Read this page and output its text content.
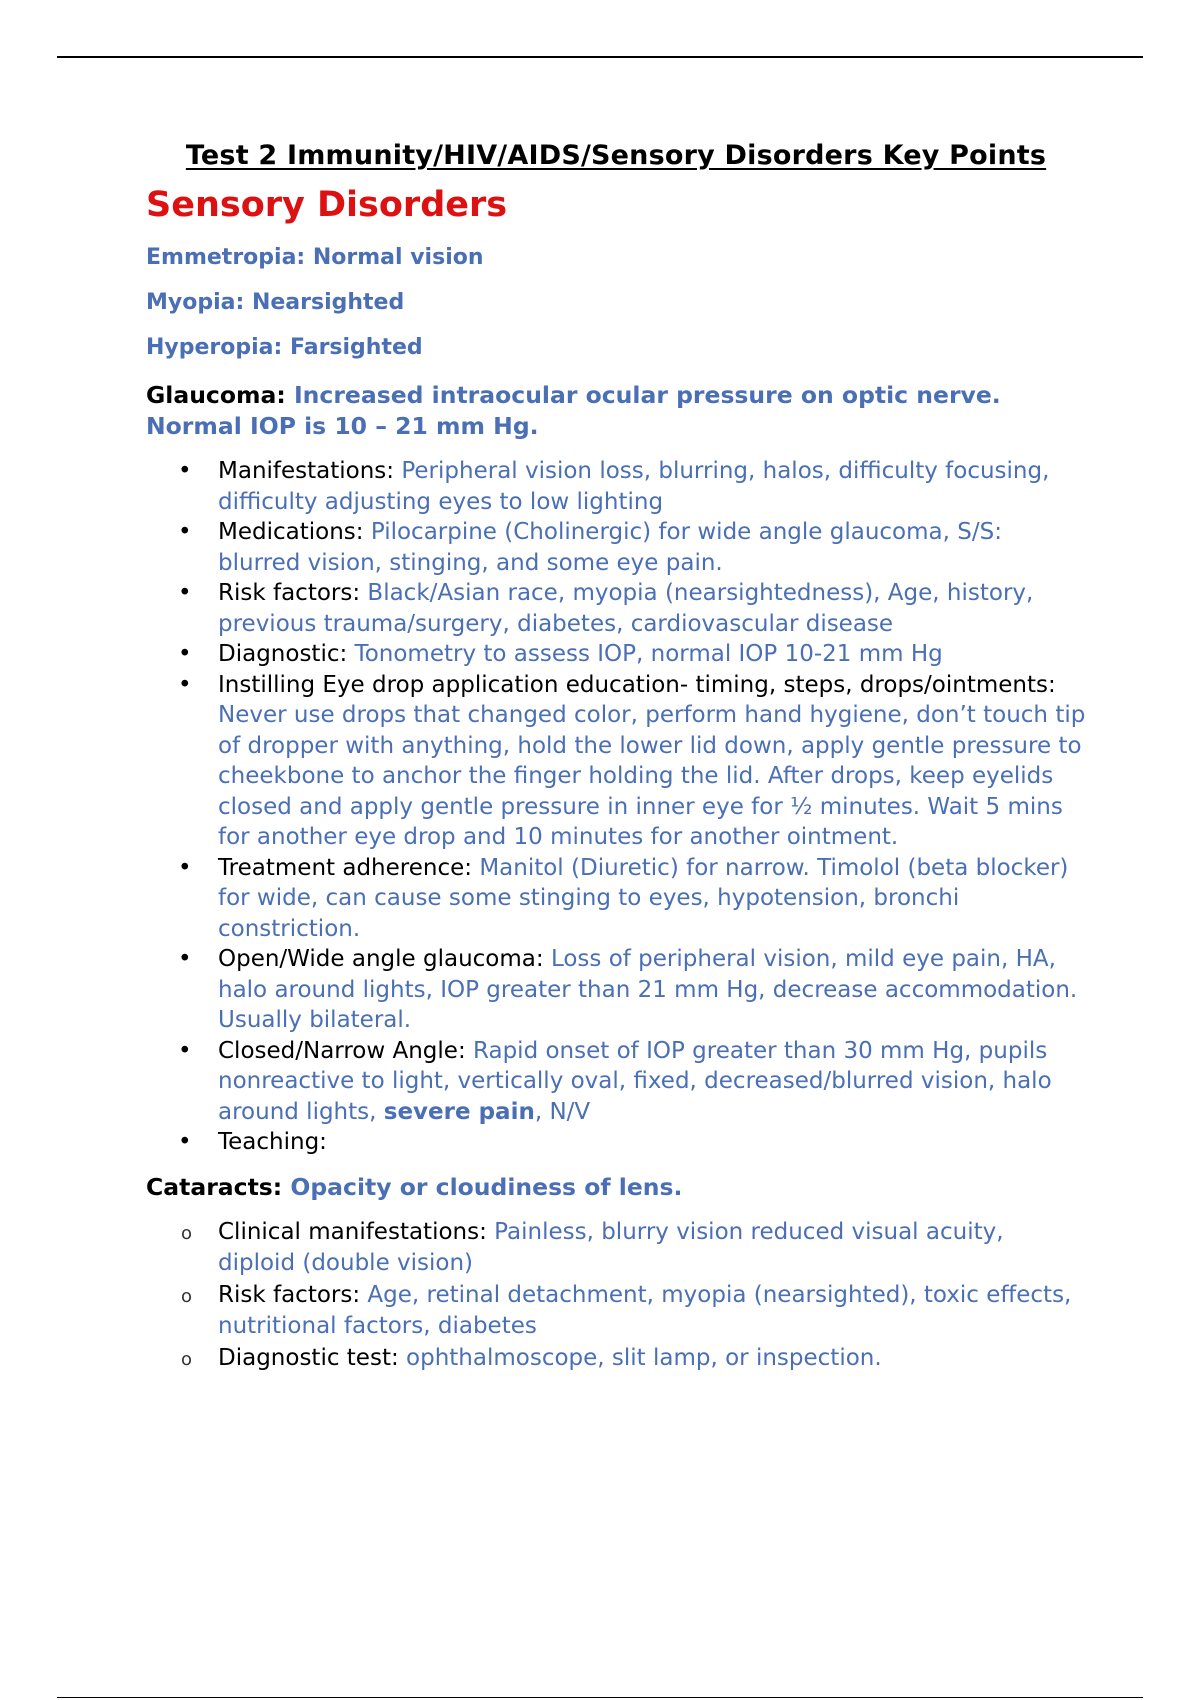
Test 2 Immunity/HIV/AIDS/Sensory Disorders Key Points
Sensory Disorders
Emmetropia: Normal vision
Myopia: Nearsighted
Hyperopia: Farsighted
Glaucoma: Increased intraocular ocular pressure on optic nerve. Normal IOP is 10 – 21 mm Hg.
• Manifestations: Peripheral vision loss, blurring, halos, difficulty focusing, difficulty adjusting eyes to low lighting
• Medications: Pilocarpine (Cholinergic) for wide angle glaucoma, S/S: blurred vision, stinging, and some eye pain.
• Risk factors: Black/Asian race, myopia (nearsightedness), Age, history, previous trauma/surgery, diabetes, cardiovascular disease
• Diagnostic: Tonometry to assess IOP, normal IOP 10-21 mm Hg
• Instilling Eye drop application education- timing, steps, drops/ointments: Never use drops that changed color, perform hand hygiene, don’t touch tip of dropper with anything, hold the lower lid down, apply gentle pressure to cheekbone to anchor the finger holding the lid. After drops, keep eyelids closed and apply gentle pressure in inner eye for ½ minutes. Wait 5 mins for another eye drop and 10 minutes for another ointment.
• Treatment adherence: Manitol (Diuretic) for narrow. Timolol (beta blocker) for wide, can cause some stinging to eyes, hypotension, bronchi constriction.
• Open/Wide angle glaucoma: Loss of peripheral vision, mild eye pain, HA, halo around lights, IOP greater than 21 mm Hg, decrease accommodation. Usually bilateral.
• Closed/Narrow Angle: Rapid onset of IOP greater than 30 mm Hg, pupils nonreactive to light, vertically oval, fixed, decreased/blurred vision, halo around lights, severe pain, N/V
• Teaching:
Cataracts: Opacity or cloudiness of lens.
o Clinical manifestations: Painless, blurry vision reduced visual acuity, diploid (double vision)
o Risk factors: Age, retinal detachment, myopia (nearsighted), toxic effects, nutritional factors, diabetes
o Diagnostic test: ophthalmoscope, slit lamp, or inspection.
